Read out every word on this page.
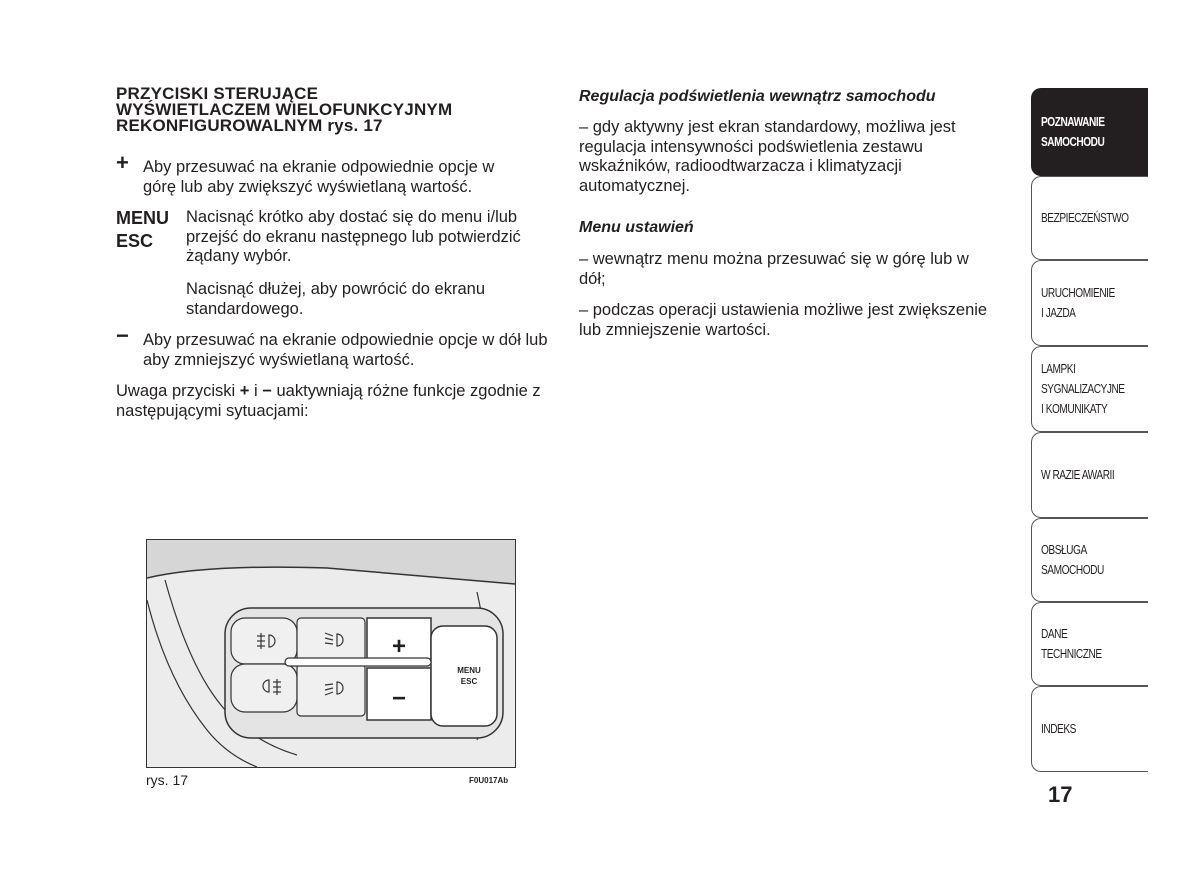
PRZYCISKI STERUJĄCE
WYŚWIETLACZEM WIELOFUNKCYJNYM
REKONFIGUROWALNYM rys. 17
+ Aby przesuwać na ekranie odpowiednie opcje w górę lub aby zwiększyć wyświetlaną wartość.
MENU
ESC
Nacisnąć krótko aby dostać się do menu i/lub przejść do ekranu następnego lub potwierdzić żądany wybór.
Nacisnąć dłużej, aby powrócić do ekranu standardowego.
− Aby przesuwać na ekranie odpowiednie opcje w dół lub aby zmniejszyć wyświetlaną wartość.
Uwaga przyciski + i − uaktywniają różne funkcje zgodnie z następującymi sytuacjami:
+
−
MENU
ESC
rys. 17	F0U017Ab
Regulacja podświetlenia wewnątrz samochodu
– gdy aktywny jest ekran standardowy, możliwa jest regulacja intensywności podświetlenia zestawu wskaźników, radioodtwarzacza i klimatyzacji automatycznej.
Menu ustawień
– wewnątrz menu można przesuwać się w górę lub w dół;
– podczas operacji ustawienia możliwe jest zwiększenie lub zmniejszenie wartości.
POZNAWANIE
SAMOCHODU
BEZPIECZEŃSTWO
URUCHOMIENIE
I JAZDA
LAMPKI
SYGNALIZACYJNE
I KOMUNIKATY
W RAZIE AWARII
OBSŁUGA
SAMOCHODU
DANE
TECHNICZNE
INDEKS
17
